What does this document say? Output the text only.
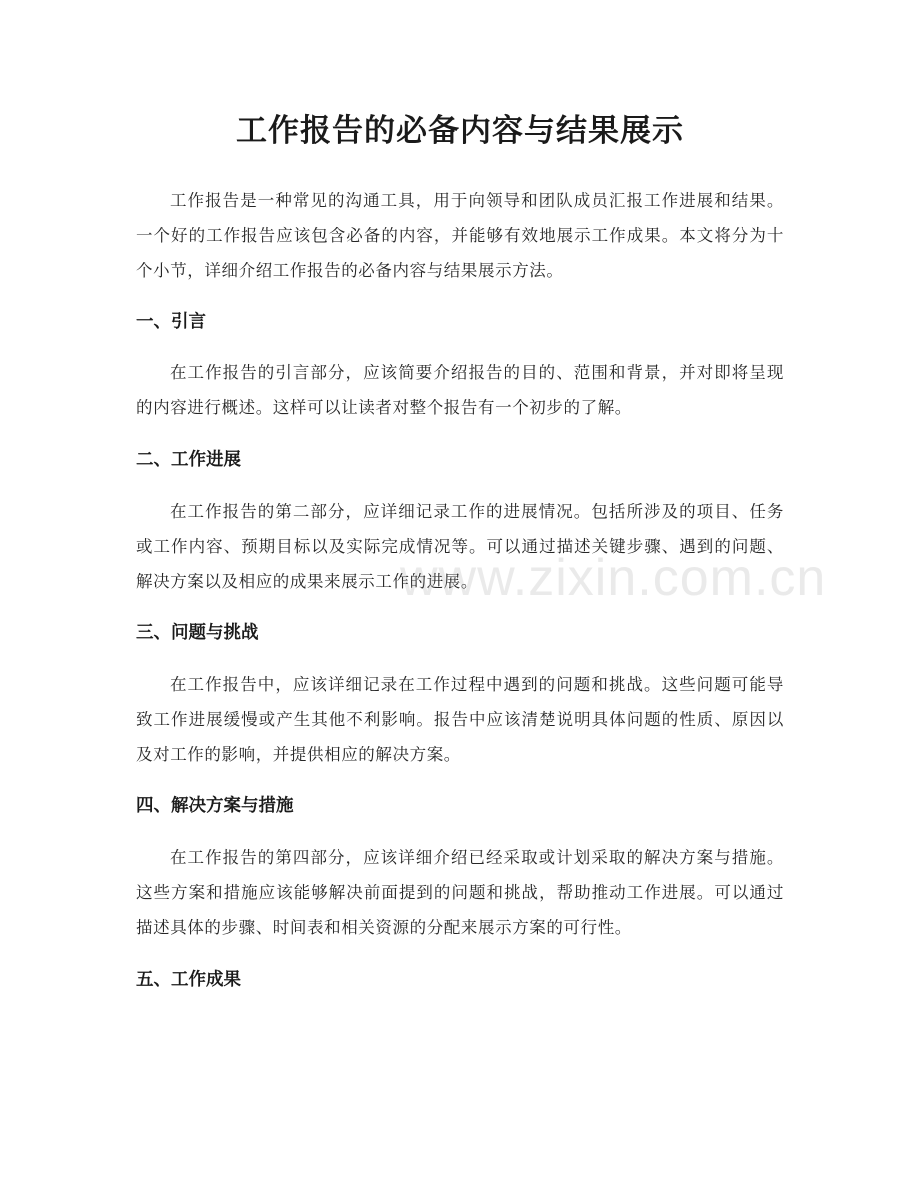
工作报告的必备内容与结果展示

工作报告是一种常见的沟通工具，用于向领导和团队成员汇报工作进展和结果。一个好的工作报告应该包含必备的内容，并能够有效地展示工作成果。本文将分为十个小节，详细介绍工作报告的必备内容与结果展示方法。

一、引言

在工作报告的引言部分，应该简要介绍报告的目的、范围和背景，并对即将呈现的内容进行概述。这样可以让读者对整个报告有一个初步的了解。

二、工作进展

在工作报告的第二部分，应详细记录工作的进展情况。包括所涉及的项目、任务或工作内容、预期目标以及实际完成情况等。可以通过描述关键步骤、遇到的问题、解决方案以及相应的成果来展示工作的进展。

三、问题与挑战

在工作报告中，应该详细记录在工作过程中遇到的问题和挑战。这些问题可能导致工作进展缓慢或产生其他不利影响。报告中应该清楚说明具体问题的性质、原因以及对工作的影响，并提供相应的解决方案。

四、解决方案与措施

在工作报告的第四部分，应该详细介绍已经采取或计划采取的解决方案与措施。这些方案和措施应该能够解决前面提到的问题和挑战，帮助推动工作进展。可以通过描述具体的步骤、时间表和相关资源的分配来展示方案的可行性。

五、工作成果
www.zixin.com.cn
